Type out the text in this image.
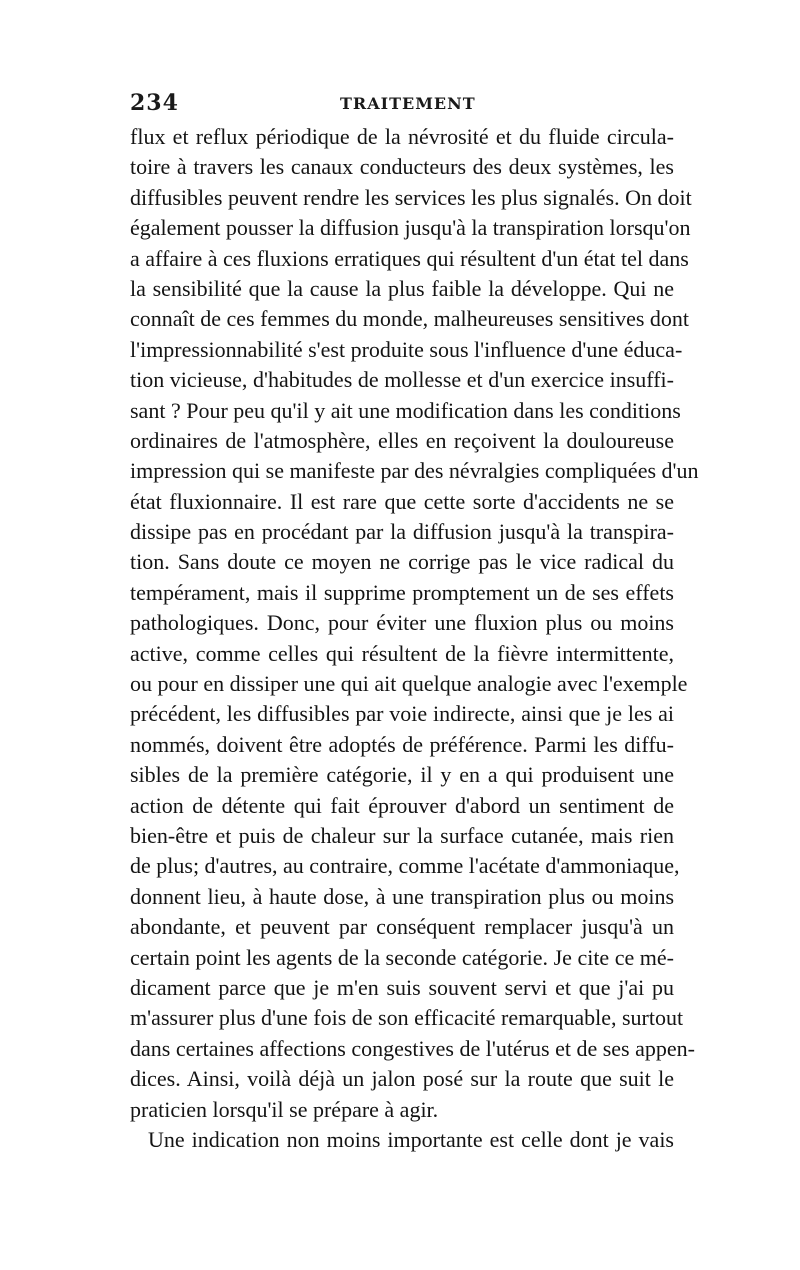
234	TRAITEMENT
flux et reflux périodique de la névrosité et du fluide circula-
toire à travers les canaux conducteurs des deux systèmes, les
diffusibles peuvent rendre les services les plus signalés. On doit
également pousser la diffusion jusqu'à la transpiration lorsqu'on
a affaire à ces fluxions erratiques qui résultent d'un état tel dans
la sensibilité que la cause la plus faible la développe. Qui ne
connaît de ces femmes du monde, malheureuses sensitives dont
l'impressionnabilité s'est produite sous l'influence d'une éduca-
tion vicieuse, d'habitudes de mollesse et d'un exercice insuffi-
sant ? Pour peu qu'il y ait une modification dans les conditions
ordinaires de l'atmosphère, elles en reçoivent la douloureuse
impression qui se manifeste par des névralgies compliquées d'un
état fluxionnaire. Il est rare que cette sorte d'accidents ne se
dissipe pas en procédant par la diffusion jusqu'à la transpira-
tion. Sans doute ce moyen ne corrige pas le vice radical du
tempérament, mais il supprime promptement un de ses effets
pathologiques. Donc, pour éviter une fluxion plus ou moins
active, comme celles qui résultent de la fièvre intermittente,
ou pour en dissiper une qui ait quelque analogie avec l'exemple
précédent, les diffusibles par voie indirecte, ainsi que je les ai
nommés, doivent être adoptés de préférence. Parmi les diffu-
sibles de la première catégorie, il y en a qui produisent une
action de détente qui fait éprouver d'abord un sentiment de
bien-être et puis de chaleur sur la surface cutanée, mais rien
de plus; d'autres, au contraire, comme l'acétate d'ammoniaque,
donnent lieu, à haute dose, à une transpiration plus ou moins
abondante, et peuvent par conséquent remplacer jusqu'à un
certain point les agents de la seconde catégorie. Je cite ce mé-
dicament parce que je m'en suis souvent servi et que j'ai pu
m'assurer plus d'une fois de son efficacité remarquable, surtout
dans certaines affections congestives de l'utérus et de ses appen-
dices. Ainsi, voilà déjà un jalon posé sur la route que suit le
praticien lorsqu'il se prépare à agir.
Une indication non moins importante est celle dont je vais
